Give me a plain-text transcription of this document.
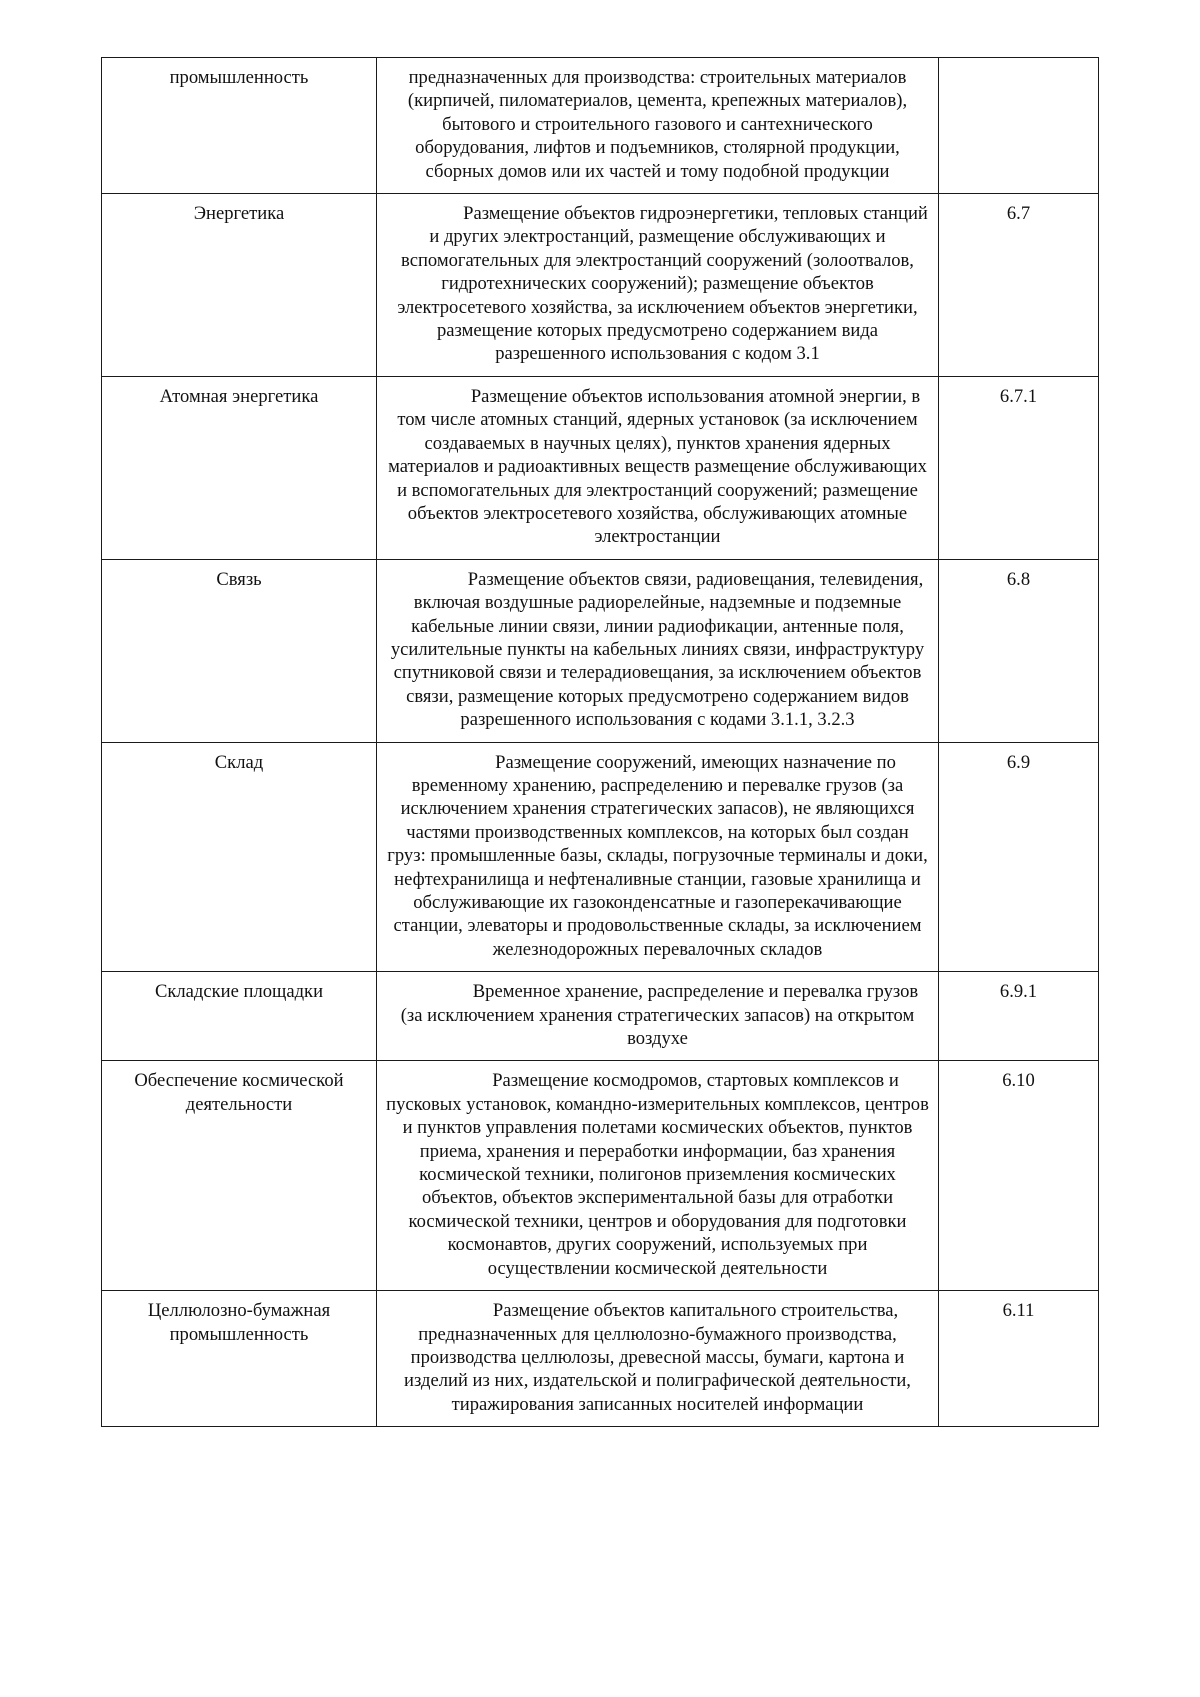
промышленность	предназначенных для производства: строительных материалов (кирпичей, пиломатериалов, цемента, крепежных материалов), бытового и строительного газового и сантехнического оборудования, лифтов и подъемников, столярной продукции, сборных домов или их частей и тому подобной продукции	

Энергетика	Размещение объектов гидроэнергетики, тепловых станций и других электростанций, размещение обслуживающих и вспомогательных для электростанций сооружений (золоотвалов, гидротехнических сооружений); размещение объектов электросетевого хозяйства, за исключением объектов энергетики, размещение которых предусмотрено содержанием вида разрешенного использования с кодом 3.1	6.7
Атомная энергетика	Размещение объектов использования атомной энергии, в том числе атомных станций, ядерных установок (за исключением создаваемых в научных целях), пунктов хранения ядерных материалов и радиоактивных веществ размещение обслуживающих и вспомогательных для электростанций сооружений; размещение объектов электросетевого хозяйства, обслуживающих атомные электростанции	6.7.1
Связь	Размещение объектов связи, радиовещания, телевидения, включая воздушные радиорелейные, надземные и подземные кабельные линии связи, линии радиофикации, антенные поля, усилительные пункты на кабельных линиях связи, инфраструктуру спутниковой связи и телерадиовещания, за исключением объектов связи, размещение которых предусмотрено содержанием видов разрешенного использования с кодами 3.1.1, 3.2.3	6.8
Склад	Размещение сооружений, имеющих назначение по временному хранению, распределению и перевалке грузов (за исключением хранения стратегических запасов), не являющихся частями производственных комплексов, на которых был создан груз: промышленные базы, склады, погрузочные терминалы и доки, нефтехранилища и нефтеналивные станции, газовые хранилища и обслуживающие их газоконденсатные и газоперекачивающие станции, элеваторы и продовольственные склады, за исключением железнодорожных перевалочных складов	6.9
Складские площадки	Временное хранение, распределение и перевалка грузов (за исключением хранения стратегических запасов) на открытом воздухе	6.9.1
Обеспечение космической деятельности	Размещение космодромов, стартовых комплексов и пусковых установок, командно-измерительных комплексов, центров и пунктов управления полетами космических объектов, пунктов приема, хранения и переработки информации, баз хранения космической техники, полигонов приземления космических объектов, объектов экспериментальной базы для отработки космической техники, центров и оборудования для подготовки космонавтов, других сооружений, используемых при осуществлении космической деятельности	6.10
Целлюлозно-бумажная промышленность	Размещение объектов капитального строительства, предназначенных для целлюлозно-бумажного производства, производства целлюлозы, древесной массы, бумаги, картона и изделий из них, издательской и полиграфической деятельности, тиражирования записанных носителей информации	6.11
